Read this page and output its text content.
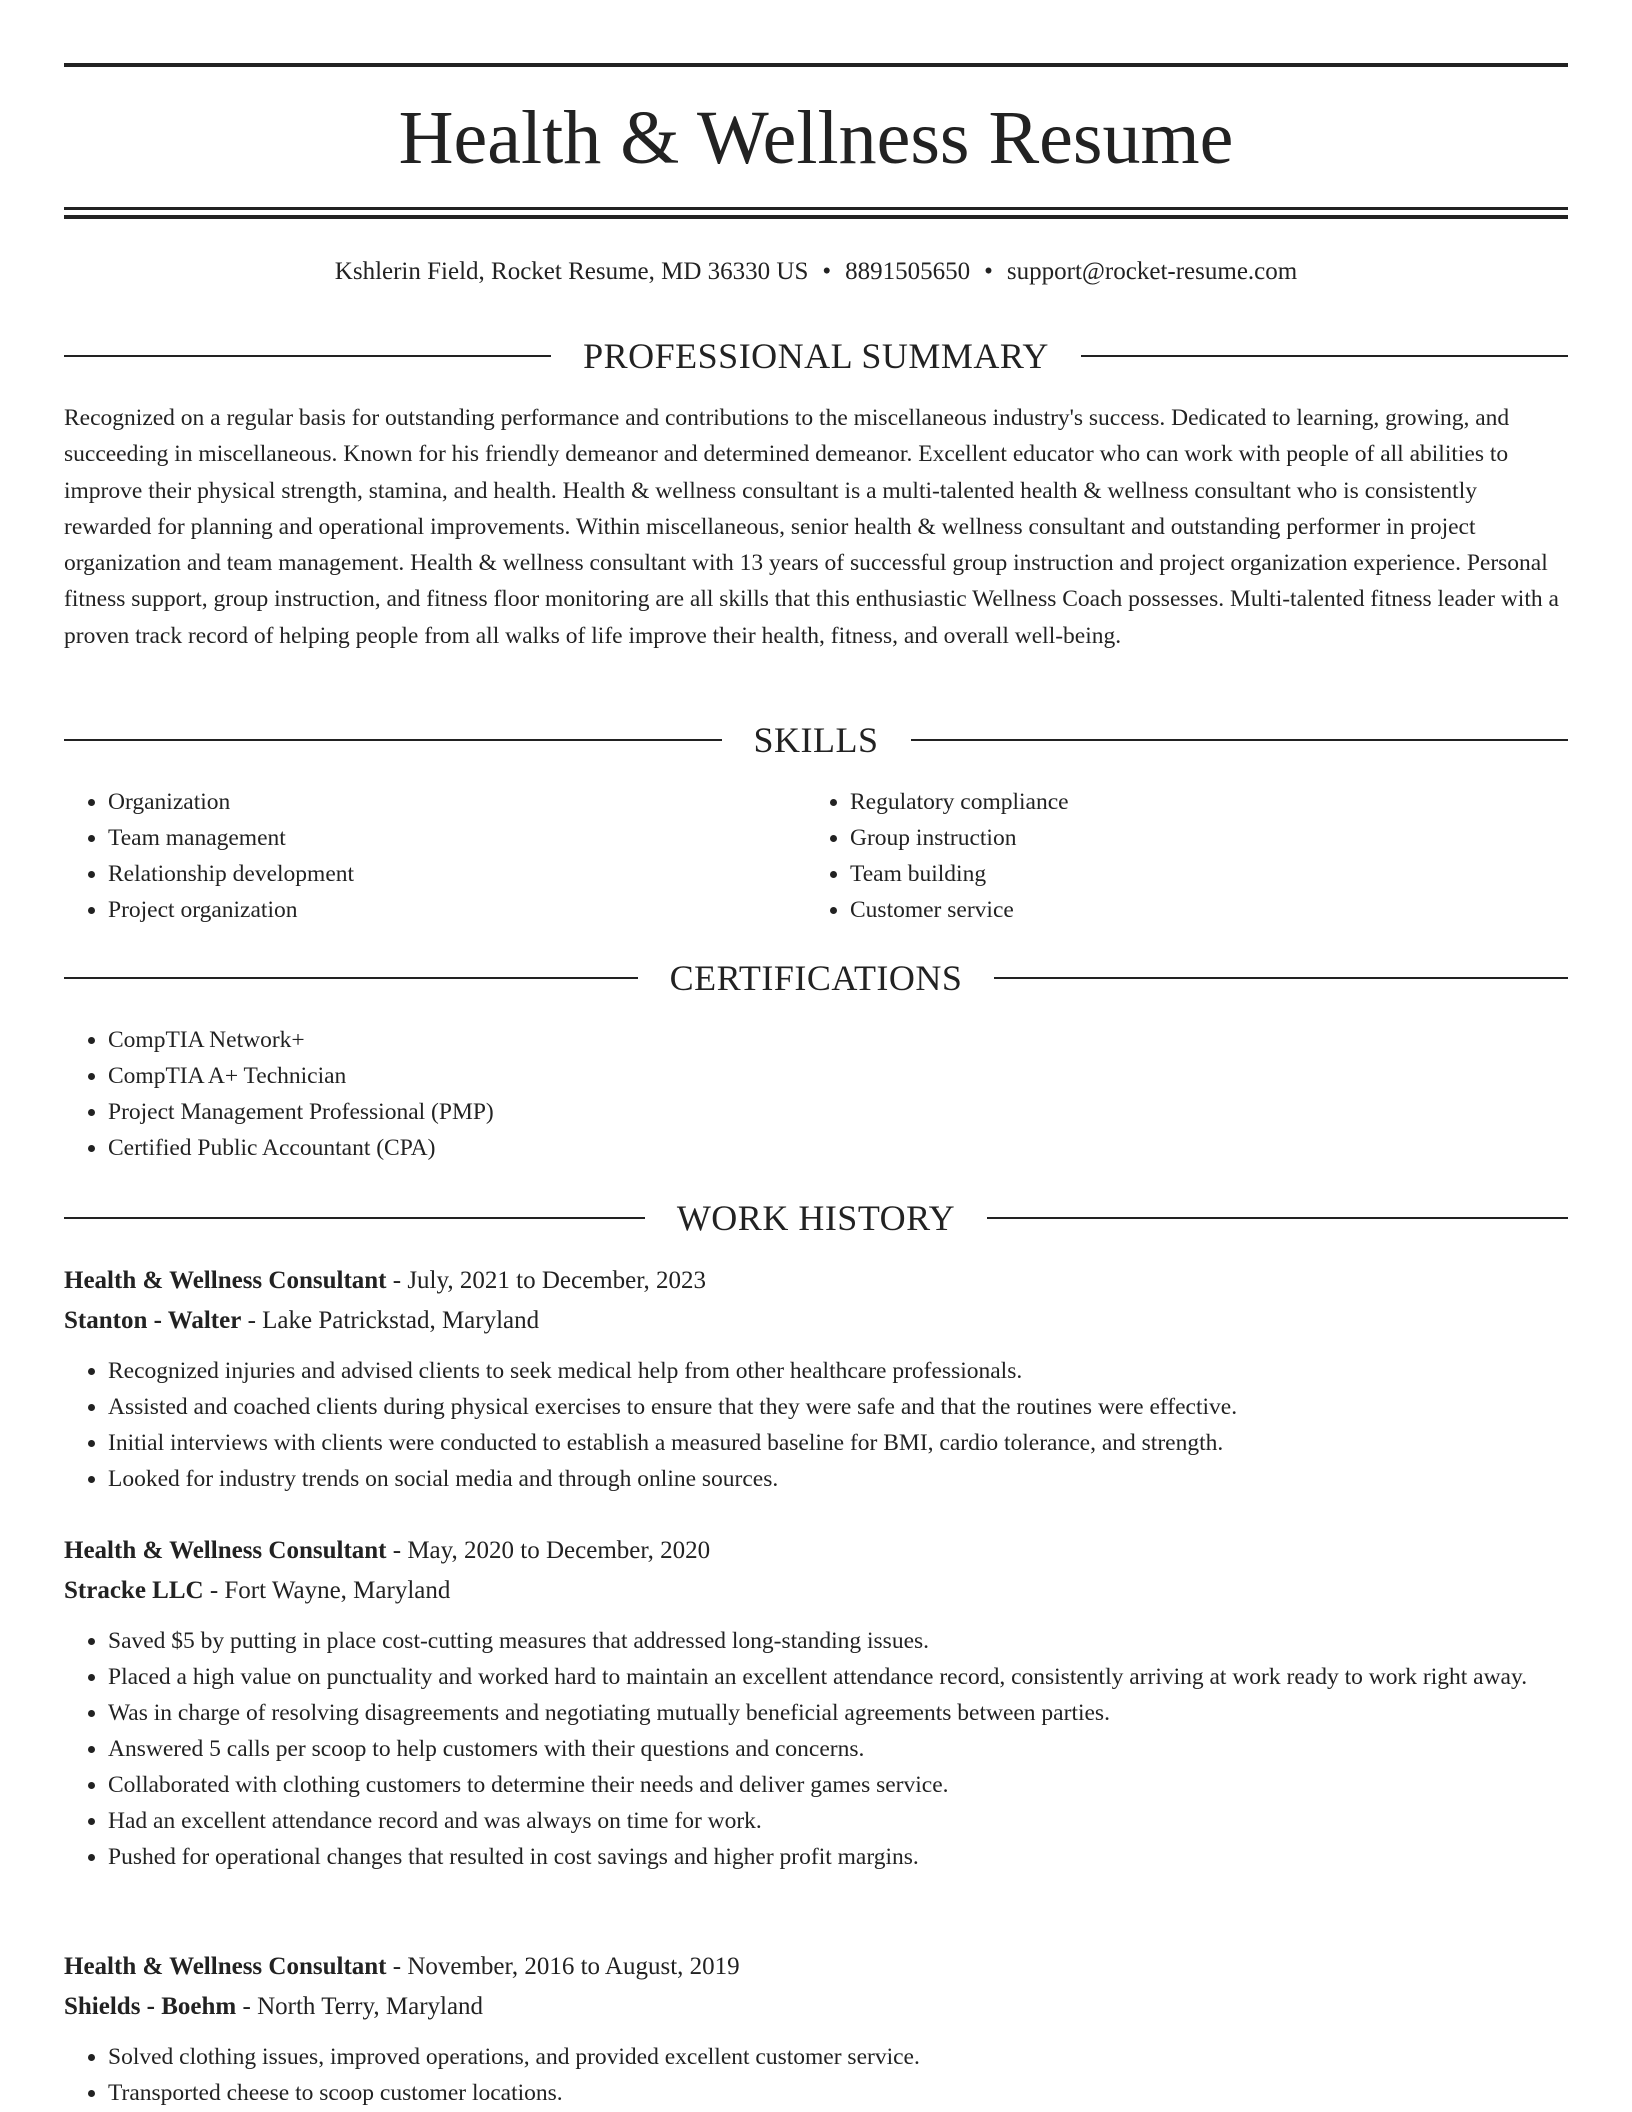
Health & Wellness Resume
Kshlerin Field, Rocket Resume, MD 36330 US • 8891505650 • support@rocket-resume.com
PROFESSIONAL SUMMARY

Recognized on a regular basis for outstanding performance and contributions to the miscellaneous industry's success. Dedicated to learning, growing, and succeeding in miscellaneous. Known for his friendly demeanor and determined demeanor. Excellent educator who can work with people of all abilities to improve their physical strength, stamina, and health. Health & wellness consultant is a multi-talented health & wellness consultant who is consistently rewarded for planning and operational improvements. Within miscellaneous, senior health & wellness consultant and outstanding performer in project organization and team management. Health & wellness consultant with 13 years of successful group instruction and project organization experience. Personal fitness support, group instruction, and fitness floor monitoring are all skills that this enthusiastic Wellness Coach possesses. Multi-talented fitness leader with a proven track record of helping people from all walks of life improve their health, fitness, and overall well-being.

SKILLS
• Organization
• Team management
• Relationship development
• Project organization
• Regulatory compliance
• Group instruction
• Team building
• Customer service
CERTIFICATIONS
• CompTIA Network+
• CompTIA A+ Technician
• Project Management Professional (PMP)
• Certified Public Accountant (CPA)
WORK HISTORY

Health & Wellness Consultant - July, 2021 to December, 2023

Stanton - Walter - Lake Patrickstad, Maryland

• Recognized injuries and advised clients to seek medical help from other healthcare professionals.
• Assisted and coached clients during physical exercises to ensure that they were safe and that the routines were effective.
• Initial interviews with clients were conducted to establish a measured baseline for BMI, cardio tolerance, and strength.
• Looked for industry trends on social media and through online sources.

Health & Wellness Consultant - May, 2020 to December, 2020

Stracke LLC - Fort Wayne, Maryland

• Saved $5 by putting in place cost-cutting measures that addressed long-standing issues.
• Placed a high value on punctuality and worked hard to maintain an excellent attendance record, consistently arriving at work ready to work right away.
• Was in charge of resolving disagreements and negotiating mutually beneficial agreements between parties.
• Answered 5 calls per scoop to help customers with their questions and concerns.
• Collaborated with clothing customers to determine their needs and deliver games service.
• Had an excellent attendance record and was always on time for work.
• Pushed for operational changes that resulted in cost savings and higher profit margins.

Health & Wellness Consultant - November, 2016 to August, 2019

Shields - Boehm - North Terry, Maryland

• Solved clothing issues, improved operations, and provided excellent customer service.
• Transported cheese to scoop customer locations.
